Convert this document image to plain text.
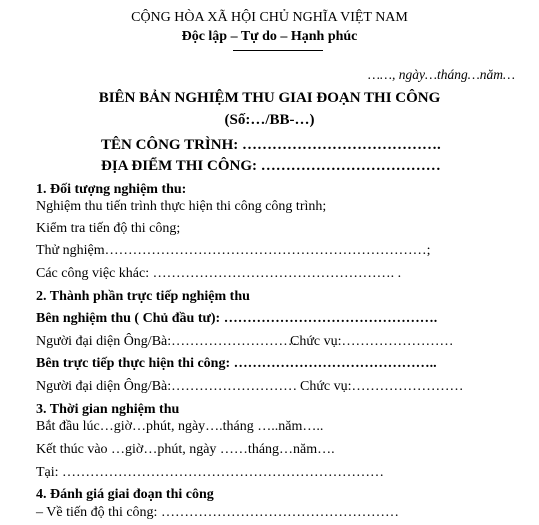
CỘNG HÒA XÃ HỘI CHỦ NGHĨA VIỆT NAM
Độc lập – Tự do – Hạnh phúc
……, ngày…tháng…năm…
BIÊN BẢN NGHIỆM THU GIAI ĐOẠN THI CÔNG
(Số:…/BB-…)
TÊN CÔNG TRÌNH: ………………………………….
ĐỊA ĐIỂM THI CÔNG: ………………………………
1. Đối tượng nghiệm thu:
Nghiệm thu tiến trình thực hiện thi công công trình;
Kiểm tra tiến độ thi công;
Thử nghiệm……………………………………………………………;
Các công việc khác: ……………………………………………. .
2. Thành phần trực tiếp nghiệm thu
Bên nghiệm thu ( Chủ đầu tư): ……………………………………….
Người đại diện Ông/Bà:………………………
Chức vụ:……………………
Bên trực tiếp thực hiện thi công: ……………………………………..
Người đại diện Ông/Bà:……………………… Chức vụ:……………………
3. Thời gian nghiệm thu
Bắt đầu lúc…giờ…phút, ngày….tháng …..năm…..
Kết thúc vào …giờ…phút, ngày ……tháng…năm….
Tại: ……………………………………………………………
4. Đánh giá giai đoạn thi công
– Về tiến độ thi công: ……………………………………………
